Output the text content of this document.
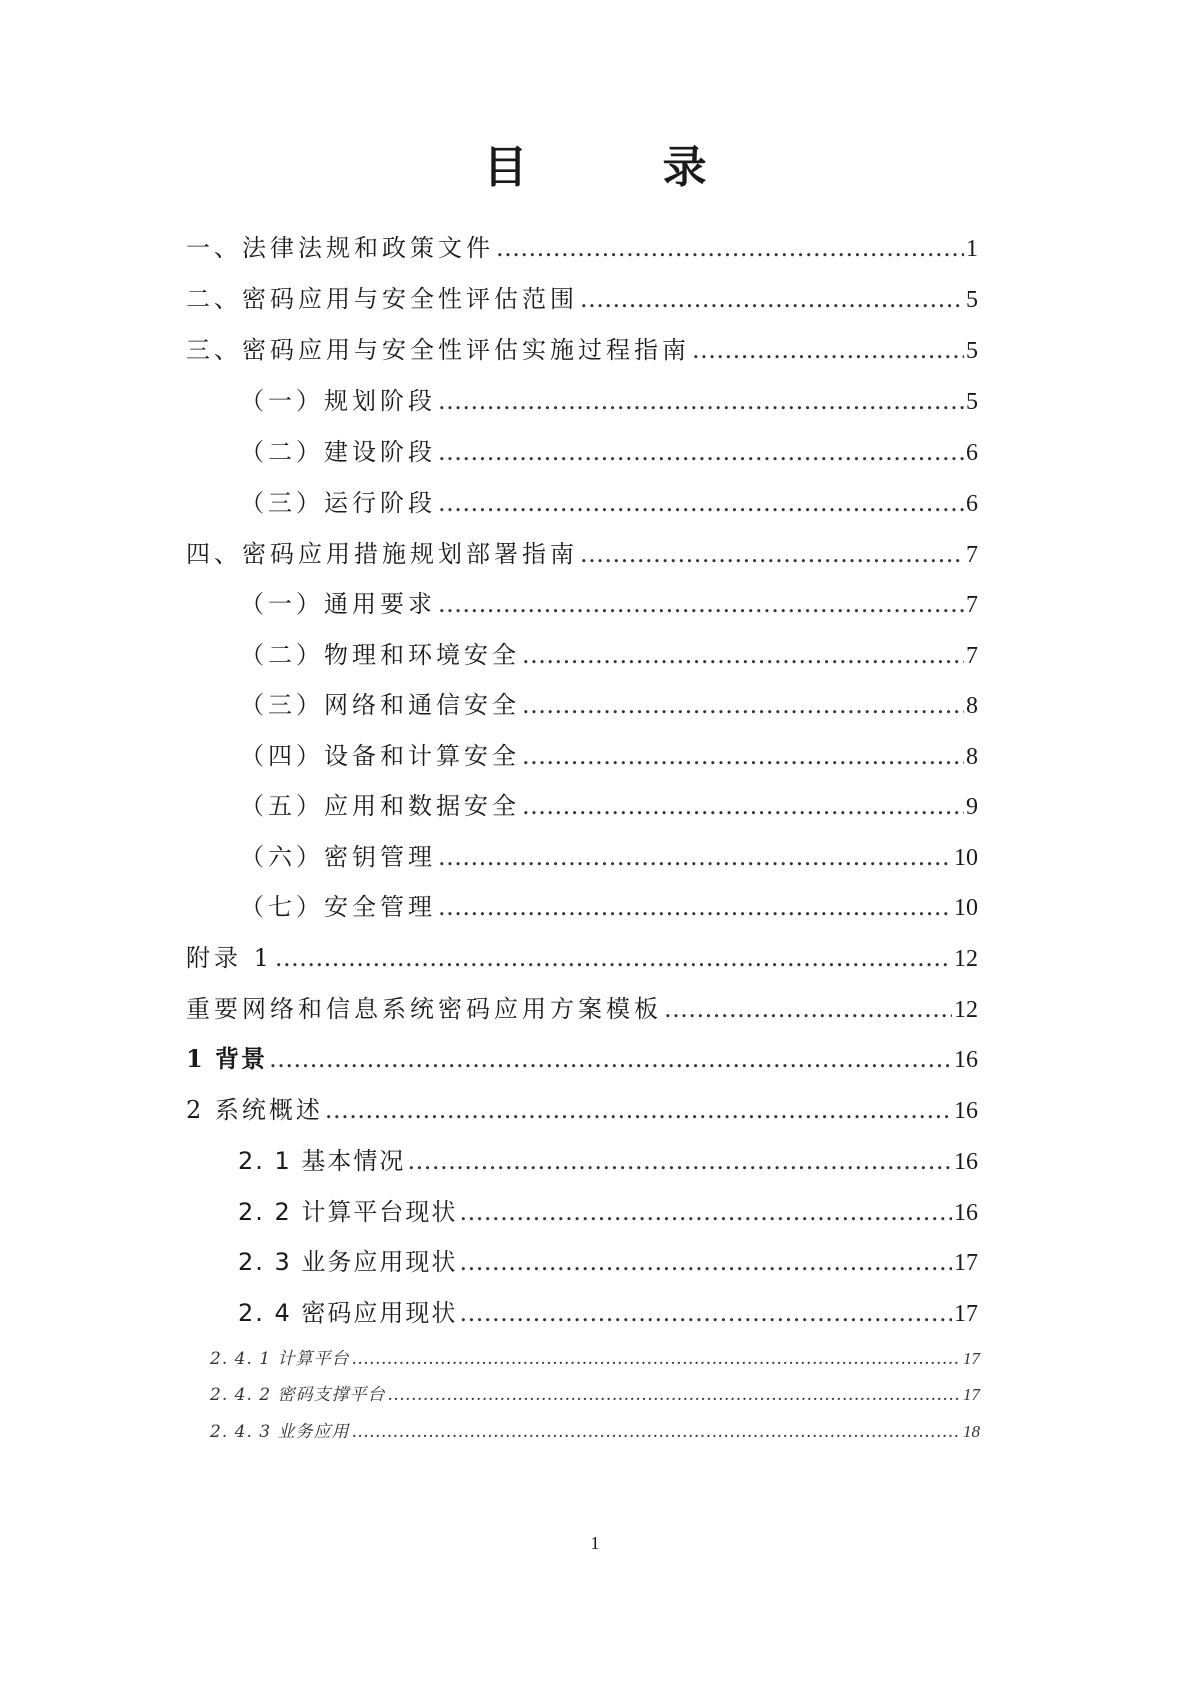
目 录
一、法律法规和政策文件 .....	1
二、密码应用与安全性评估范围 .....	5
三、密码应用与安全性评估实施过程指南 .....	5
（一）规划阶段 .....	5
（二）建设阶段 .....	6
（三）运行阶段 .....	6
四、密码应用措施规划部署指南 .....	7
（一）通用要求 .....	7
（二）物理和环境安全 .....	7
（三）网络和通信安全 .....	8
（四）设备和计算安全 .....	8
（五）应用和数据安全 .....	9
（六）密钥管理 .....	10
（七）安全管理 .....	10
附录 1 .....	12
重要网络和信息系统密码应用方案模板 .....	12
1 背景 .....	16
2 系统概述 .....	16
2. 1 基本情况 .....	16
2. 2 计算平台现状 .....	16
2. 3 业务应用现状 .....	17
2. 4 密码应用现状 .....	17
2. 4. 1 计算平台 .....	17
2. 4. 2 密码支撑平台 .....	17
2. 4. 3 业务应用 .....	18
1
